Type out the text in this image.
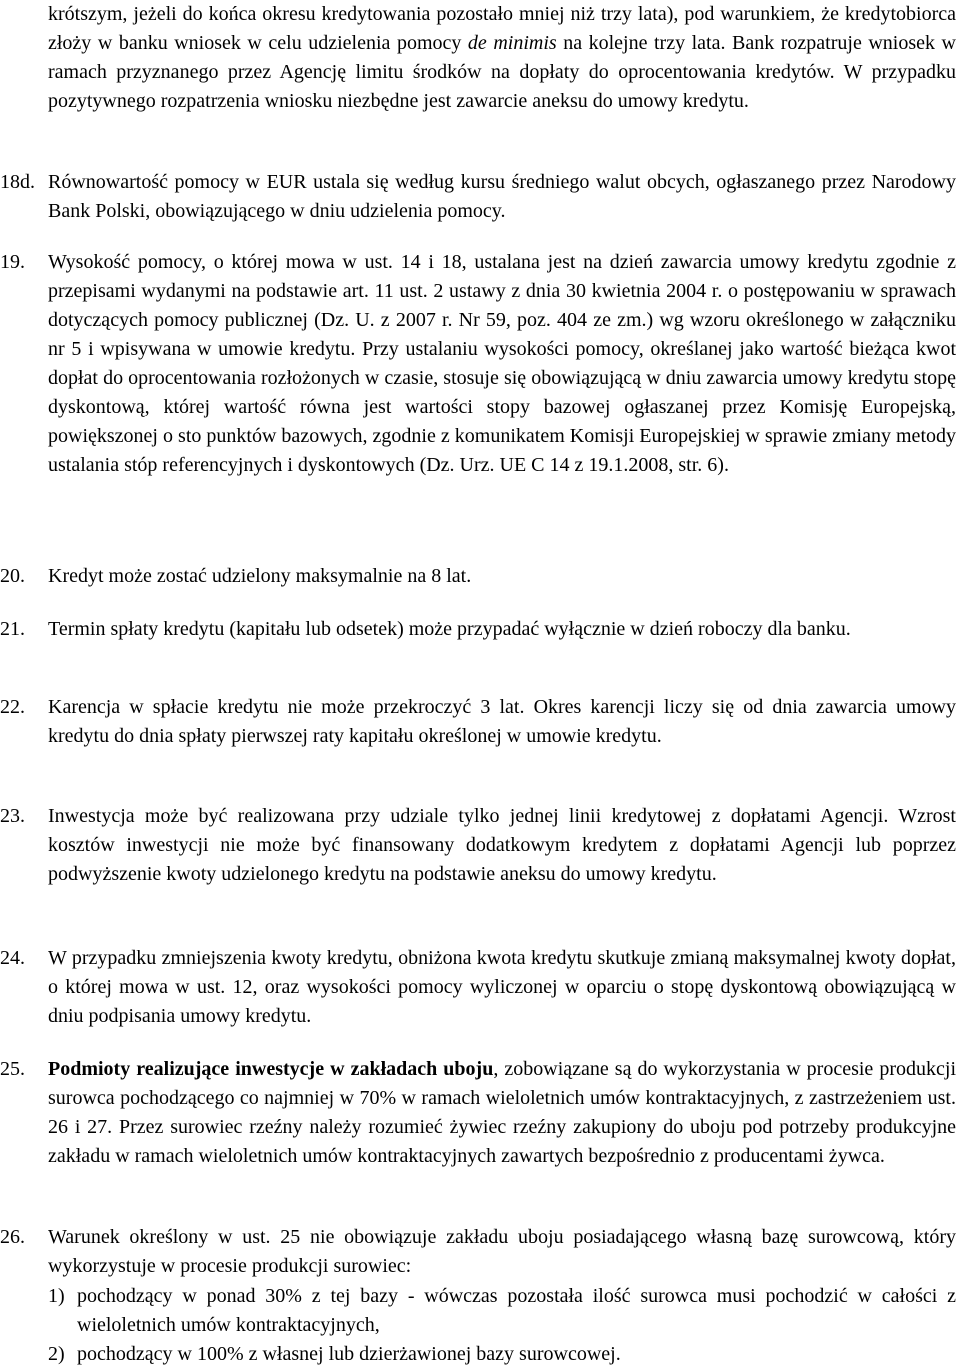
krótszym, jeżeli do końca okresu kredytowania pozostało mniej niż trzy lata), pod warunkiem, że kredytobiorca złoży w banku wniosek w celu udzielenia pomocy de minimis na kolejne trzy lata. Bank rozpatruje wniosek w ramach przyznanego przez Agencję limitu środków na dopłaty do oprocentowania kredytów. W przypadku pozytywnego rozpatrzenia wniosku niezbędne jest zawarcie aneksu do umowy kredytu.

18d. Równowartość pomocy w EUR ustala się według kursu średniego walut obcych, ogłaszanego przez Narodowy Bank Polski, obowiązującego w dniu udzielenia pomocy.
19. Wysokość pomocy, o której mowa w ust. 14 i 18, ustalana jest na dzień zawarcia umowy kredytu zgodnie z przepisami wydanymi na podstawie art. 11 ust. 2 ustawy z dnia 30 kwietnia 2004 r. o postępowaniu w sprawach dotyczących pomocy publicznej (Dz. U. z 2007 r. Nr 59, poz. 404 ze zm.) wg wzoru określonego w załączniku nr 5 i wpisywana w umowie kredytu. Przy ustalaniu wysokości pomocy, określanej jako wartość bieżąca kwot dopłat do oprocentowania rozłożonych w czasie, stosuje się obowiązującą w dniu zawarcia umowy kredytu stopę dyskontową, której wartość równa jest wartości stopy bazowej ogłaszanej przez Komisję Europejską, powiększonej o sto punktów bazowych, zgodnie z komunikatem Komisji Europejskiej w sprawie zmiany metody ustalania stóp referencyjnych i dyskontowych (Dz. Urz. UE C 14 z 19.1.2008, str. 6).
20. Kredyt może zostać udzielony maksymalnie na 8 lat.
21. Termin spłaty kredytu (kapitału lub odsetek) może przypadać wyłącznie w dzień roboczy dla banku.
22. Karencja w spłacie kredytu nie może przekroczyć 3 lat. Okres karencji liczy się od dnia zawarcia umowy kredytu do dnia spłaty pierwszej raty kapitału określonej w umowie kredytu.
23. Inwestycja może być realizowana przy udziale tylko jednej linii kredytowej z dopłatami Agencji. Wzrost kosztów inwestycji nie może być finansowany dodatkowym kredytem z dopłatami Agencji lub poprzez podwyższenie kwoty udzielonego kredytu na podstawie aneksu do umowy kredytu.
24. W przypadku zmniejszenia kwoty kredytu, obniżona kwota kredytu skutkuje zmianą maksymalnej kwoty dopłat, o której mowa w ust. 12, oraz wysokości pomocy wyliczonej w oparciu o stopę dyskontową obowiązującą w dniu podpisania umowy kredytu.
25. Podmioty realizujące inwestycje w zakładach uboju, zobowiązane są do wykorzystania w procesie produkcji surowca pochodzącego co najmniej w 70% w ramach wieloletnich umów kontraktacyjnych, z zastrzeżeniem ust. 26 i 27. Przez surowiec rzeźny należy rozumieć żywiec rzeźny zakupiony do uboju pod potrzeby produkcyjne zakładu w ramach wieloletnich umów kontraktacyjnych zawartych bezpośrednio z producentami żywca.
26. Warunek określony w ust. 25 nie obowiązuje zakładu uboju posiadającego własną bazę surowcową, który wykorzystuje w procesie produkcji surowiec:
1) pochodzący w ponad 30% z tej bazy - wówczas pozostała ilość surowca musi pochodzić w całości z wieloletnich umów kontraktacyjnych,
2) pochodzący w 100% z własnej lub dzierżawionej bazy surowcowej.
